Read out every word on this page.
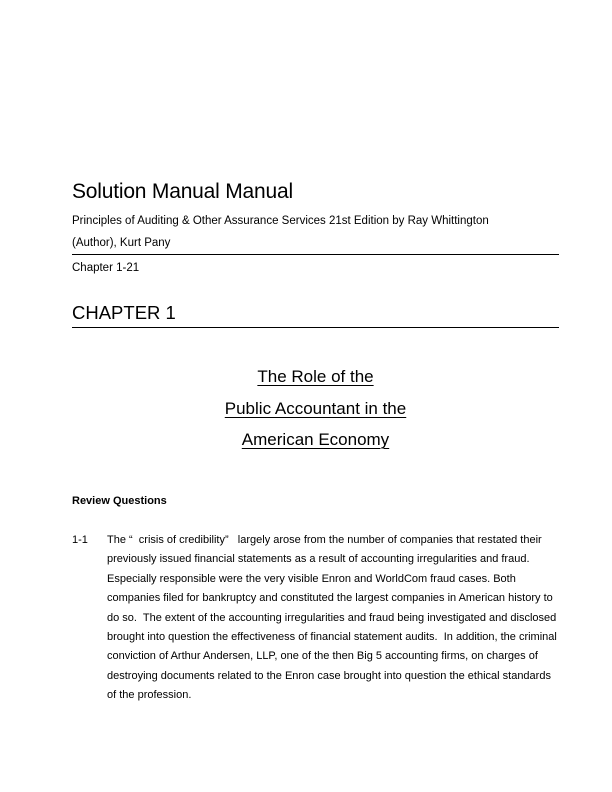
Solution Manual Manual
Principles of Auditing & Other Assurance Services 21st Edition by Ray Whittington
(Author), Kurt Pany
Chapter 1-21
CHAPTER 1
The Role of the
Public Accountant in the
American Economy
Review Questions
1-1 The “  crisis of credibility”   largely arose from the number of companies that restated their
previously issued financial statements as a result of accounting irregularities and fraud.
Especially responsible were the very visible Enron and WorldCom fraud cases. Both
companies filed for bankruptcy and constituted the largest companies in American history to
do so.  The extent of the accounting irregularities and fraud being investigated and disclosed
brought into question the effectiveness of financial statement audits.  In addition, the criminal
conviction of Arthur Andersen, LLP, one of the then Big 5 accounting firms, on charges of
destroying documents related to the Enron case brought into question the ethical standards
of the profession.
